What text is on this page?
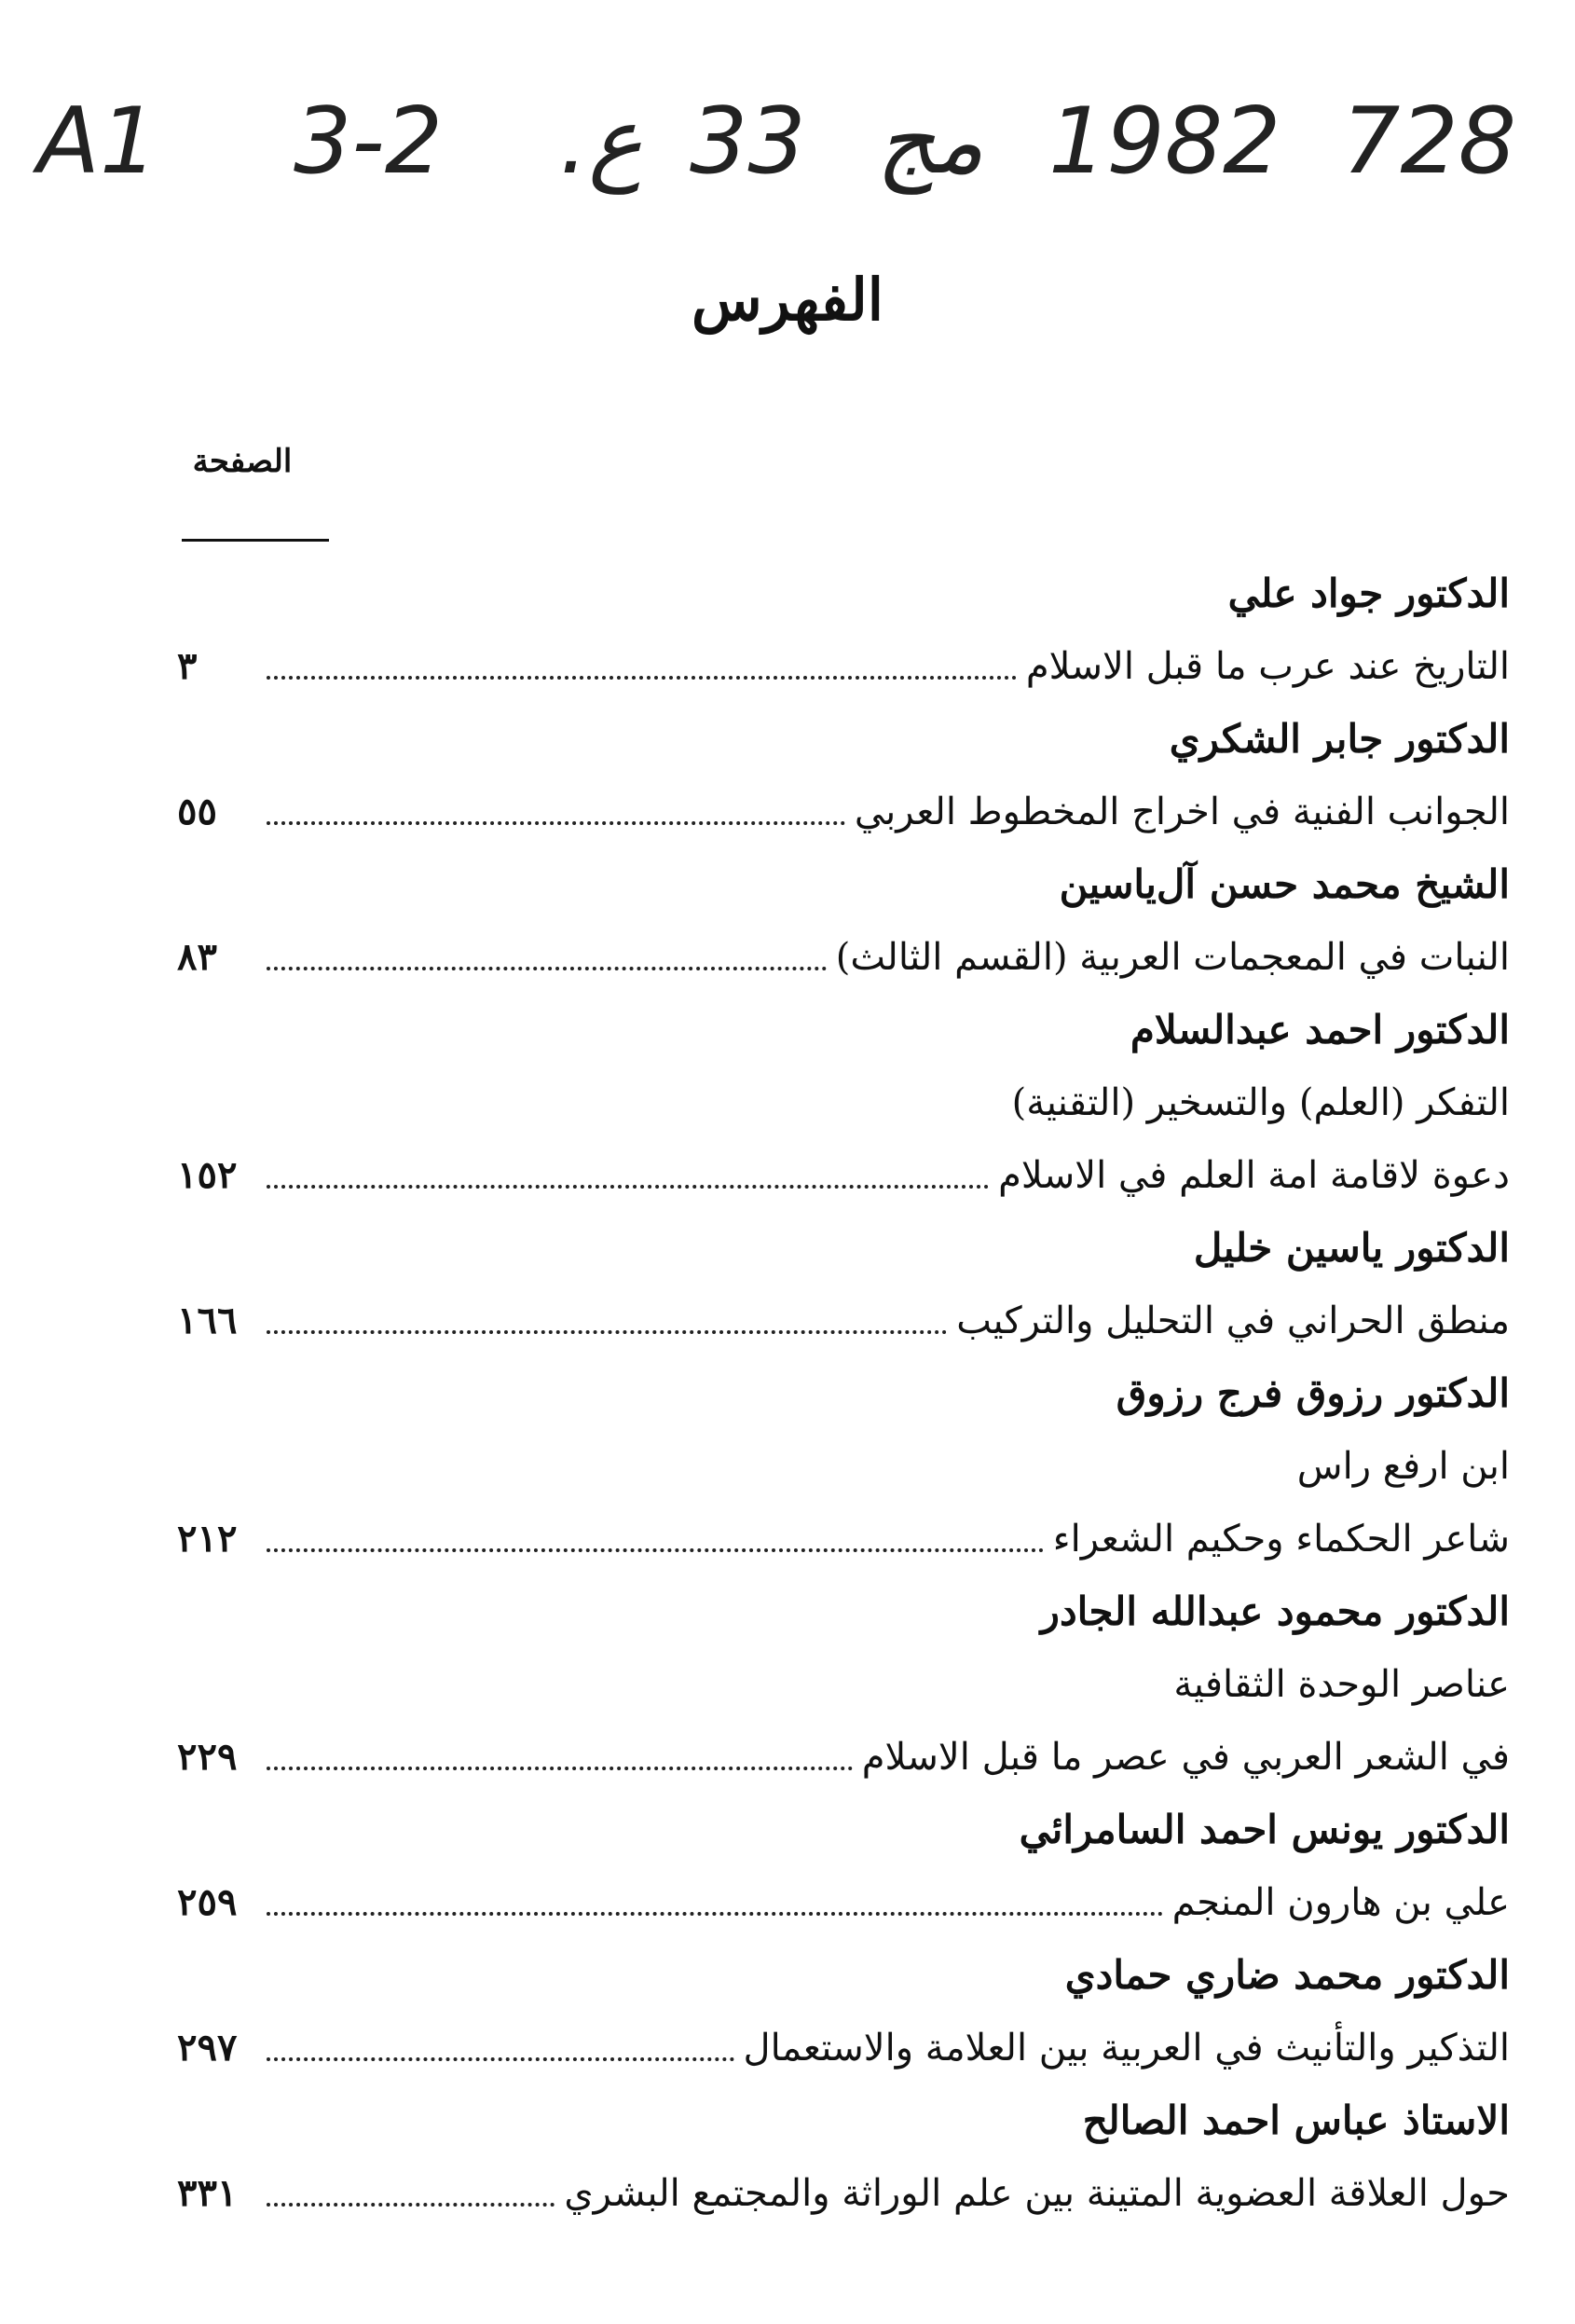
A1 3-2 .ع 33 مج 1982 728
الفهرس
الصفحة
الدكتور جواد علي
التاريخ عند عرب ما قبل الاسلام
٣
الدكتور جابر الشكري
الجوانب الفنية في اخراج المخطوط العربي
٥٥
الشيخ محمد حسن آل‌ياسين
النبات في المعجمات العربية (القسم الثالث)
٨٣
الدكتور احمد عبدالسلام
التفكر (العلم) والتسخير (التقنية)
دعوة لاقامة امة العلم في الاسلام
١٥٢
الدكتور ياسين خليل
منطق الحراني في التحليل والتركيب
١٦٦
الدكتور رزوق فرج رزوق
ابن ارفع راس
شاعر الحكماء وحكيم الشعراء
٢١٢
الدكتور محمود عبدالله الجادر
عناصر الوحدة الثقافية
في الشعر العربي في عصر ما قبل الاسلام
٢٢٩
الدكتور يونس احمد السامرائي
علي بن هارون المنجم
٢٥٩
الدكتور محمد ضاري حمادي
التذكير والتأنيث في العربية بين العلامة والاستعمال
٢٩٧
الاستاذ عباس احمد الصالح
حول العلاقة العضوية المتينة بين علم الوراثة والمجتمع البشري
٣٣١
